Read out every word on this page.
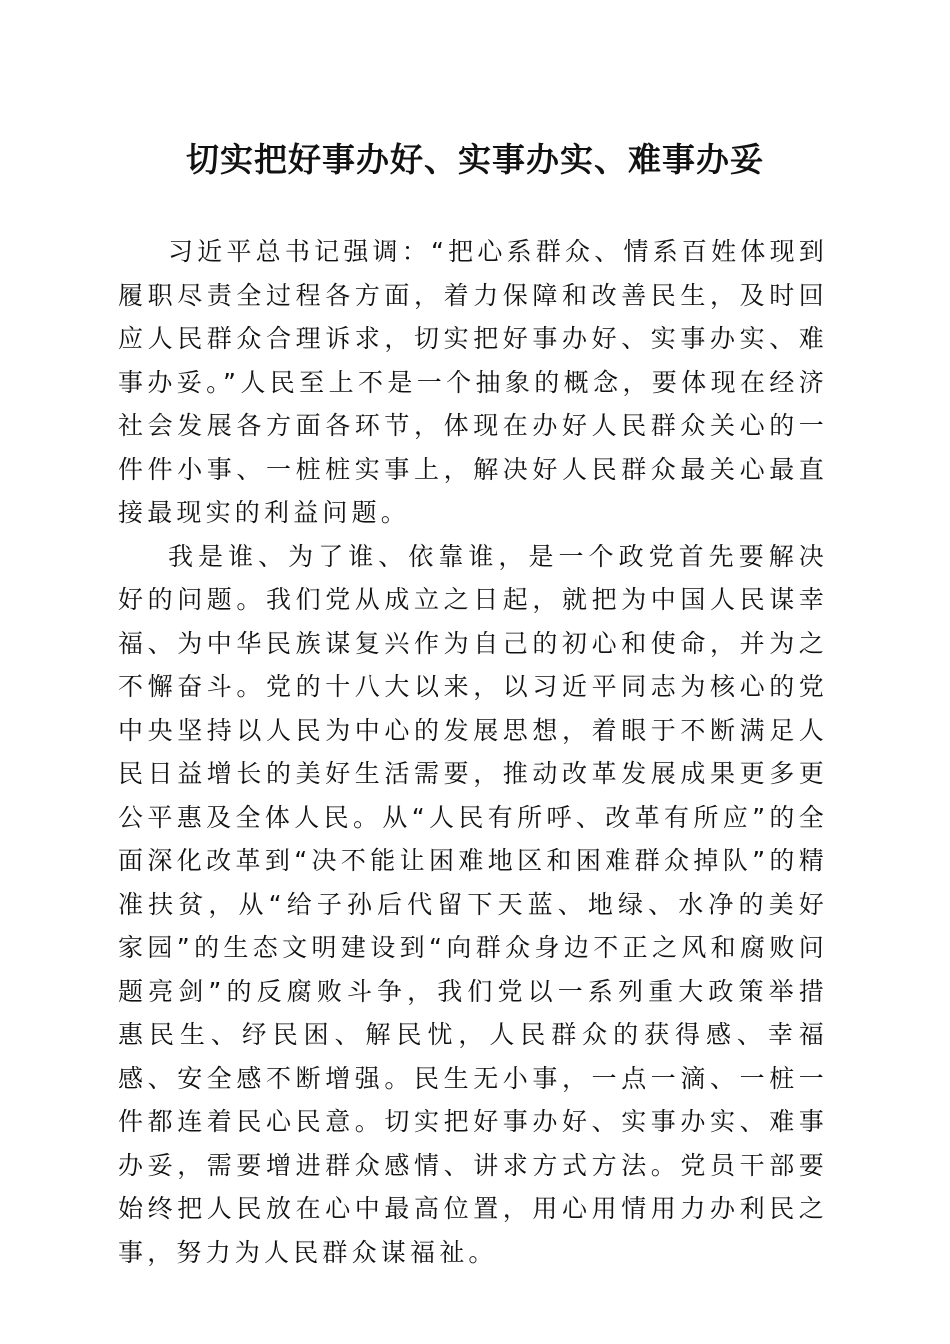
切实把好事办好、实事办实、难事办妥

习近平总书记强调：“把心系群众、情系百姓体现到履职尽责全过程各方面，着力保障和改善民生，及时回应人民群众合理诉求，切实把好事办好、实事办实、难事办妥。”人民至上不是一个抽象的概念，要体现在经济社会发展各方面各环节，体现在办好人民群众关心的一件件小事、一桩桩实事上，解决好人民群众最关心最直接最现实的利益问题。

我是谁、为了谁、依靠谁，是一个政党首先要解决好的问题。我们党从成立之日起，就把为中国人民谋幸福、为中华民族谋复兴作为自己的初心和使命，并为之不懈奋斗。党的十八大以来，以习近平同志为核心的党中央坚持以人民为中心的发展思想，着眼于不断满足人民日益增长的美好生活需要，推动改革发展成果更多更公平惠及全体人民。从“人民有所呼、改革有所应”的全面深化改革到“决不能让困难地区和困难群众掉队”的精准扶贫，从“给子孙后代留下天蓝、地绿、水净的美好家园”的生态文明建设到“向群众身边不正之风和腐败问题亮剑”的反腐败斗争，我们党以一系列重大政策举措惠民生、纾民困、解民忧，人民群众的获得感、幸福感、安全感不断增强。民生无小事，一点一滴、一桩一件都连着民心民意。切实把好事办好、实事办实、难事办妥，需要增进群众感情、讲求方式方法。党员干部要始终把人民放在心中最高位置，用心用情用力办利民之事，努力为人民群众谋福祉。
